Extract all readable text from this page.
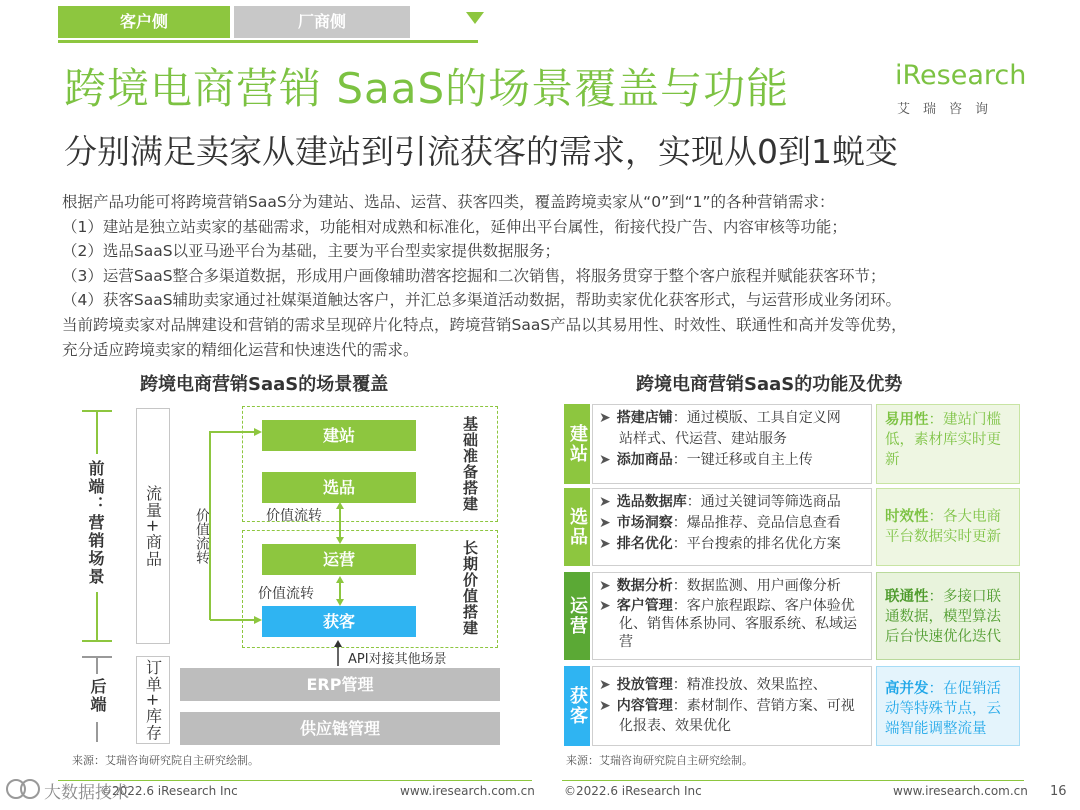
客户侧	厂商侧
跨境电商营销 SaaS的场景覆盖与功能
分别满足卖家从建站到引流获客的需求，实现从0到1蜕变
iResearch
艾瑞咨询

根据产品功能可将跨境营销SaaS分为建站、选品、运营、获客四类，覆盖跨境卖家从“0”到“1”的各种营销需求：

（1）建站是独立站卖家的基础需求，功能相对成熟和标准化，延伸出平台属性，衔接代投广告、内容审核等功能；

（2）选品SaaS以亚马逊平台为基础，主要为平台型卖家提供数据服务；

（3）运营SaaS整合多渠道数据，形成用户画像辅助潜客挖掘和二次销售，将服务贯穿于整个客户旅程并赋能获客环节；

（4）获客SaaS辅助卖家通过社媒渠道触达客户，并汇总多渠道活动数据，帮助卖家优化获客形式，与运营形成业务闭环。

当前跨境卖家对品牌建设和营销的需求呈现碎片化特点，跨境营销SaaS产品以其易用性、时效性、联通性和高并发等优势，

充分适应跨境卖家的精细化运营和快速迭代的需求。

跨境电商营销SaaS的场景覆盖	跨境电商营销SaaS的功能及优势
前端：营销场景
后端
流量+商品
订单+库存
价值流转
建站
选品
运营
获客
价值流转
价值流转
基础准备搭建
长期价值搭建
API对接其他场景
ERP管理
供应链管理
来源：艾瑞咨询研究院自主研究绘制。
建站
➤ 搭建店铺：通过模版、工具自定义网
站样式、代运营、建站服务
➤ 添加商品：一键迁移或自主上传
易用性：建站门槛低，素材库实时更新
选品
➤ 选品数据库：通过关键词等筛选商品
➤ 市场洞察：爆品推荐、竞品信息查看
➤ 排名优化：平台搜索的排名优化方案
时效性：各大电商平台数据实时更新
运营
➤ 数据分析：数据监测、用户画像分析
➤ 客户管理：客户旅程跟踪、客户体验优化、销售体系协同、客服系统、私域运营
联通性：多接口联通数据，模型算法后台快速优化迭代
获客
➤ 投放管理：精准投放、效果监控、
➤ 内容管理：素材制作、营销方案、可视化报表、效果优化
高并发：在促销活动等特殊节点，云端智能调整流量
来源：艾瑞咨询研究院自主研究绘制。
©2022.6 iResearch Inc	www.iresearch.com.cn ©2022.6 iResearch Inc	www.iresearch.com.cn 16
大数据技术
